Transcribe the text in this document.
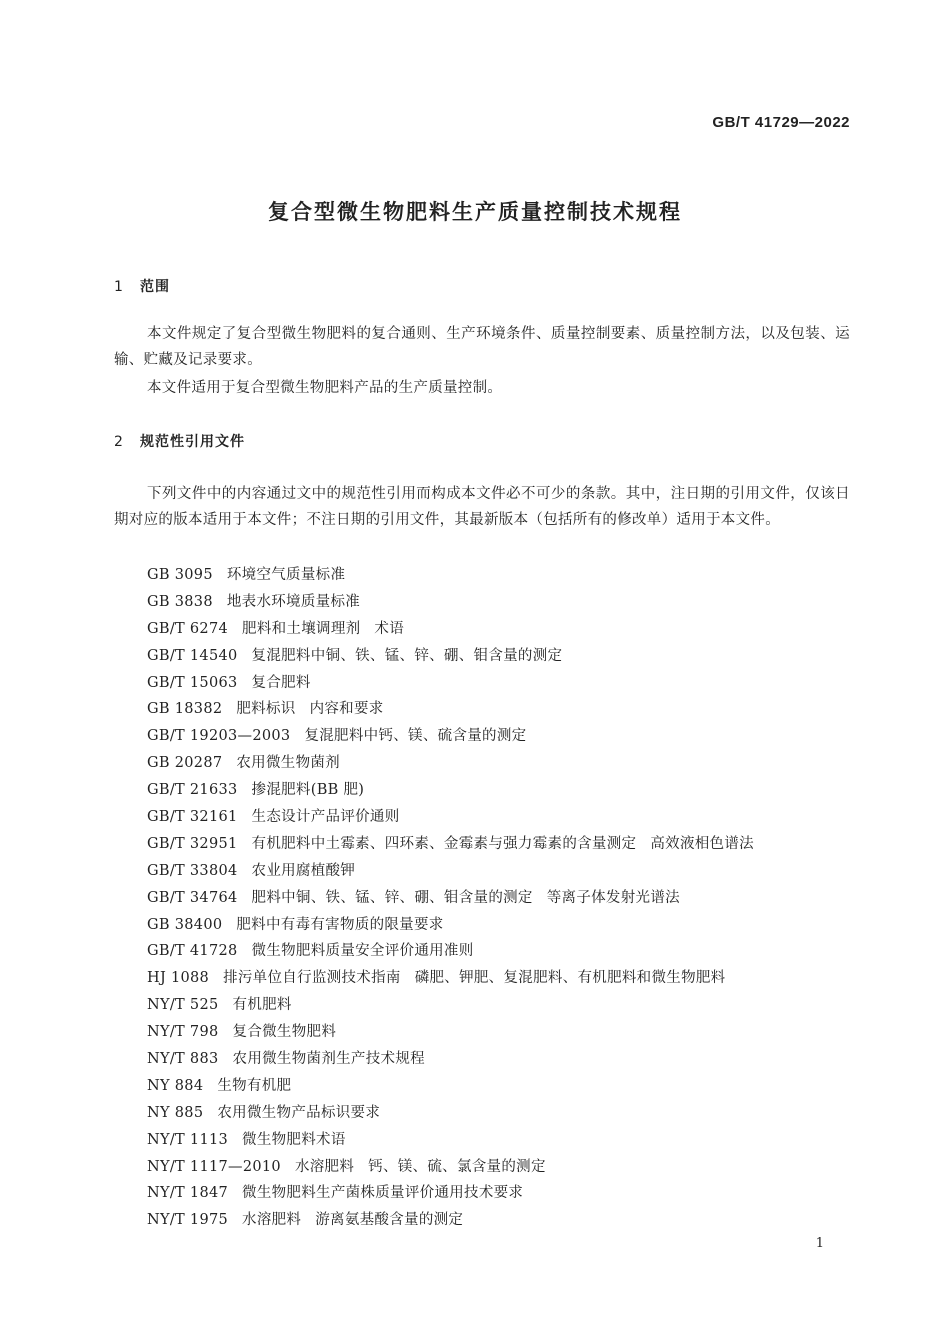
GB/T 41729—2022
复合型微生物肥料生产质量控制技术规程
1 范围
本文件规定了复合型微生物肥料的复合通则、生产环境条件、质量控制要素、质量控制方法，以及包装、运输、贮藏及记录要求。
本文件适用于复合型微生物肥料产品的生产质量控制。
2 规范性引用文件
下列文件中的内容通过文中的规范性引用而构成本文件必不可少的条款。其中，注日期的引用文件，仅该日期对应的版本适用于本文件；不注日期的引用文件，其最新版本（包括所有的修改单）适用于本文件。
GB 3095 环境空气质量标准
GB 3838 地表水环境质量标准
GB/T 6274 肥料和土壤调理剂 术语
GB/T 14540 复混肥料中铜、铁、锰、锌、硼、钼含量的测定
GB/T 15063 复合肥料
GB 18382 肥料标识 内容和要求
GB/T 19203—2003 复混肥料中钙、镁、硫含量的测定
GB 20287 农用微生物菌剂
GB/T 21633 掺混肥料(BB 肥)
GB/T 32161 生态设计产品评价通则
GB/T 32951 有机肥料中土霉素、四环素、金霉素与强力霉素的含量测定 高效液相色谱法
GB/T 33804 农业用腐植酸钾
GB/T 34764 肥料中铜、铁、锰、锌、硼、钼含量的测定 等离子体发射光谱法
GB 38400 肥料中有毒有害物质的限量要求
GB/T 41728 微生物肥料质量安全评价通用准则
HJ 1088 排污单位自行监测技术指南 磷肥、钾肥、复混肥料、有机肥料和微生物肥料
NY/T 525 有机肥料
NY/T 798 复合微生物肥料
NY/T 883 农用微生物菌剂生产技术规程
NY 884 生物有机肥
NY 885 农用微生物产品标识要求
NY/T 1113 微生物肥料术语
NY/T 1117—2010 水溶肥料 钙、镁、硫、氯含量的测定
NY/T 1847 微生物肥料生产菌株质量评价通用技术要求
NY/T 1975 水溶肥料 游离氨基酸含量的测定
1
